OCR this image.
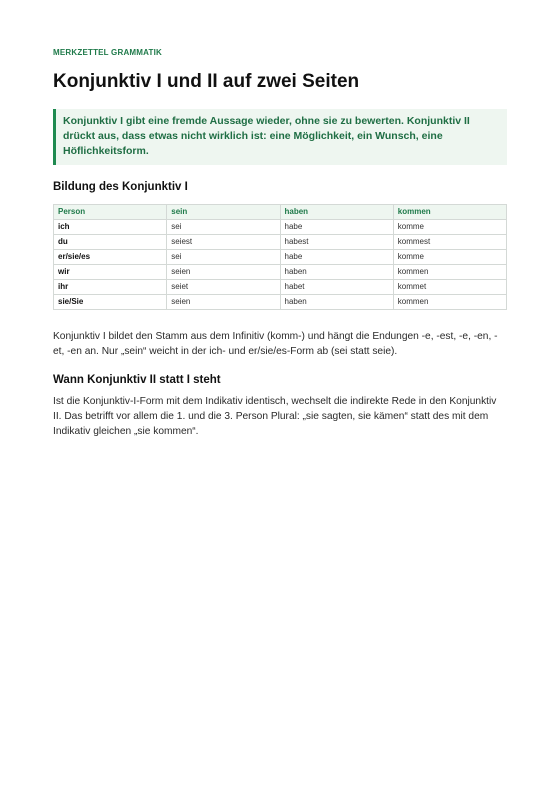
MERKZETTEL GRAMMATIK

Konjunktiv I und II auf zwei Seiten
Konjunktiv I gibt eine fremde Aussage wieder, ohne sie zu bewerten. Konjunktiv II drückt aus, dass etwas nicht wirklich ist: eine Möglichkeit, ein Wunsch, eine Höflichkeitsform.
Bildung des Konjunktiv I
Person	sein	haben	kommen
ich	sei	habe	komme
du	seiest	habest	kommest
er/sie/es	sei	habe	komme
wir	seien	haben	kommen
ihr	seiet	habet	kommet
sie/Sie	seien	haben	kommen

Konjunktiv I bildet den Stamm aus dem Infinitiv (komm-) und hängt die Endungen -e, -est, -e, -en, -et, -en an. Nur „sein“ weicht in der ich- und er/sie/es-Form ab (sei statt seie).

Wann Konjunktiv II statt I steht

Ist die Konjunktiv-I-Form mit dem Indikativ identisch, wechselt die indirekte Rede in den Konjunktiv II. Das betrifft vor allem die 1. und die 3. Person Plural: „sie sagten, sie kämen“ statt des mit dem Indikativ gleichen „sie kommen“.
